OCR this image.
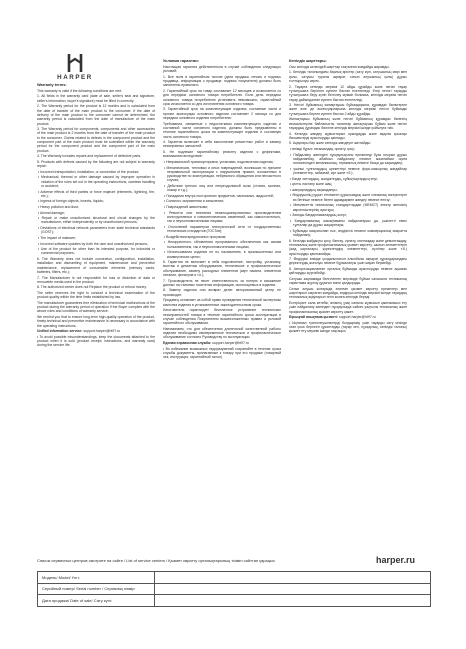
HARPER
Warranty terms:

This warranty is valid if the following conditions are met:

1. All fields in the warranty card (date of sale, seller's seal and signature, seller's information, buyer's signature) must be filled in correctly.

2. The Warranty period for the product is 12 months and is calculated from the date of transfer of the main product to the consumer. If the date of delivery of the main product to the consumer cannot be determined, the warranty period is calculated from the date of manufacture of the main product.

3. The Warranty period for components, components and other accessories of the main product is 2 months from the date of transfer of the main product to the consumer. Claims related to defects in the component product and the component part of the main product must be submitted within the warranty period for the component product and the component part of the main product.

4. The Warranty includes repairs and replacement of defective parts.

5. Products with defects caused by the following are not subject to warranty repair:

• Incorrect transportation, installation, or connection of the product;

• Mechanical, thermal or other damage caused by improper operation in violation of the rules set out in the operating instructions, careless handling or accident;

• Adverse effects of third parties or force majeure (elements, lightning, fire, etc.);

• Ingress of foreign objects, insects, liquids;

• Heavy pollution and dust;

• Animal damage;

• Repair or make unauthorized structural and circuit changes by the manufacturer, either independently or by unauthorized persons;

• Deviations of electrical network parameters from state technical standards (GOST);

• The impact of malware;

• Incorrect software updates by both the user and unauthorized persons;

• Use of the product for other than its intended purpose, for industrial or commercial purposes;

6. The Warranty does not include connection, configuration, installation, installation and dismantling of equipment, maintenance and preventive maintenance, replacement of consumable elements (memory cards, batteries, filters, etc.);

7. The Manufacturer is not responsible for loss or distortion of data or removable media used in the product.

8. The authorized center does not Replace the product or refund money.

The seller reserves the right to conduct a technical examination of the product quality within the time limits established by law.

The manufacturer guarantees free elimination of technical malfunctions of the product during the warranty period of operation if the Buyer complies with the above rules and conditions of warranty service.

We remind you that to ensure long-term high-quality operation of the product, timely technical and preventive maintenance is necessary in accordance with the operating instructions.

Unified information service: support-harper@ht97.ru

• To avoid possible misunderstandings, keep the documents attached to the product when it is sold (product receipt, instructions, and warranty card) during the service life.

Условия гарантии:

Настоящая гарантия действительна в случае соблюдения следующих условий:

1. Все поля в гарантийном талоне (дата продажи, печать и подпись продавца, информация о продавце, подпись покупателя) должны быть заполнены правильно.

2. Гарантийный срок на товар составляет 12 месяцев и исчисляется со дня передачи основного товара потребителю. Если день передачи основного товара потребителю установить невозможно, гарантийный срок исчисляется со дня изготовления основного товара.

3. Гарантийный срок на комплектующие изделия, составные части и прочие аксессуары основного изделия составляет 2 месяца со дня передачи основного изделия потребителю.

Требования, связанные с недостатками комплектующего изделия и составной части основного изделия, должны быть предъявлены в течение гарантийного срока на комплектующее изделие и составную часть основного товара.

4. Гарантия включает в себя выполнение ремонтных работ и замену неисправных запчастей.

5. Не подлежат гарантийному ремонту изделия с дефектами, возникшими вследствие:

• Неправильной транспортировки, установки, подключения изделия;

• Механических, тепловых и иных повреждений, возникших по причине неправильной эксплуатации с нарушением правил, изложенных в руководстве по эксплуатации, небрежного обращения или несчастного случая;

• Действия третьих лиц или непреодолимой силы (стихия, молния, пожар и т.д.);

• Попадания внутрь посторонних предметов, насекомых, жидкостей;

• Сильного загрязнения и запыления;

• Повреждений животными;

• Ремонта или внесения несанкционированных производителем конструктивных и схемотехнических изменений, как самостоятельно, так и неуполномоченными лицами;

• Отклонений параметров электрической сети от государственных технических стандартов (ГОСТов);

• Воздействия вредоносных программ;

• Некорректного обновления программного обеспечения как самим пользователем, так и неуполномоченными лицами;

• Использования изделия не по назначению, в промышленных или коммерческих целях;

6. Гарантия не включает в себя подключение, настройку, установку, монтаж и демонтаж оборудования, техническое и профилактическое обслуживание, замену расходных элементов (карт памяти, элементов питания, фильтров и т.п.);

7. Производитель не несет ответственность за потерю и искажение данных на съемных носителях информации, используемых в изделии.

8. Замену изделия или возврат денег авторизованный центр не производит.

Продавец оставляет за собой право проведения технической экспертизы качества изделия в установленные законодательством сроки.

Изготовитель гарантирует бесплатное устранение технических неисправностей товара в течение гарантийного срока эксплуатации в случае соблюдения Покупателем вышеизложенных правил и условий гарантийного обслуживания.

Напоминаем, что для обеспечения длительной качественной работы изделия необходимо своевременное техническое и профилактическое обслуживание согласно Руководству по эксплуатации.

Единая справочная служба: support-harper@ht97.ru

• Во избежание возможных недоразумений сохраняйте в течение срока службы документы, прилагаемые к товару при его продаже (товарный чек, инструкция, гарантийный талон).

Кепілдік шарттары:

Осы кепілдік келесідей шарттар сақталған жағдайда жарамды.

1. Кепілдік талонындағы барлық өрістер (сату күні, сатушының мөрі мен қолы, сатушы туралы ақпарат, сатып алушының қолы) дұрыс толтырылуы керек.

2. Тауарға кепілдік мерзімі 12 айды құрайды және негізгі тауар тұтынушыға берілген күннен бастап есептеледі. Егер негізгі тауарды тұтынушыға беру күнін белгілеу мүмкін болмаса, кепілдік мерзімі негізгі тауар дайындалған күннен бастап есептеледі.

3. Негізгі бұйымның жинақтаушы бұйымдарына, құрамдас бөліктеріне және өзге де аксессуарларына кепілдік мерзімі негізгі бұйымды тұтынушыға берген күннен бастап 2 айды құрайды.

Жинақтаушы бұйымның және негізгі бұйымның құрамдас бөлігінің кемшіліктеріне байланысты талаптар жинақтаушы бұйым және негізгі тауардың құрамдас бөлігіне кепілдік мерзімі ішінде қойылуға тиіс.

4. Кепілдік жөндеу жұмыстарын орындауды және ақаулы қосалқы бөлшектерді ауыстыруды қамтиды.

5. Ақаулары бар және кепілдік жөндеуге жатпайды:

• өнімді бұрыс тасымалдау, орнату, қосу;

• Пайдалану жөніндегі нұсқаулықтағы ережеледі бұза отырып дұрыс пайдаланбау, абайсыз пайдалану немесе жазатайым оқиға нәтижесіндегі механикалық, термиялық немесе басқа да зақымдану;

• үшінші тұлғалардың әрекеттері немесе форс-мажорлық жағдайлар (элементтер, найзағай, өрт және т.б.);

• Бөгде заттардың, жәндіктердің, сұйықтықтардың енуі;

• қатты ластану және шаң;

• жануарлардың зақымдануы;

• Өндірушінің рұқсат етілмеген құрылымдық және схемалық өзгерістерін өз бетінше немесе бөтен адамдармен жөндеу немесе енгізу;

• Мемлекеттік техникалық стандарттардан (МЕМСТ) электр желісінің көрсеткіштерінің ауытқуы;

• Зиянды бағдарламалардың әсері;

• Бағдарламалық жасақтаманы пайдаланушы да, уәкілетті емес тұлғалар да дұрыс жаңартпауы;

• Бұйымды мақсатынан тыс, өндірістік немесе коммерциялық мақсатта пайдалану;

6. Кепілдік жабдықты қосу, баптау, орнату, монтаждау және демонтаждау, техникалық және профилактикалық қызмет көрсету, шығын элементтерін (жад карталары, қоректендіру элементтері, сүзгілер және т.б.) ауыстыруды қамтымайды;

7. Өндіруші өнімде қолданылатын алынбалы ақпарат құралдарындағы деректердің жоғалуы немесе бұрмалануы үшін жауап бермейді.

8. Авторизацияланған орталық бұйымды ауыстыруды немесе ақшаны қайтаруды жүргізбейді.

Сатушы заңнамада белгіленген мерзімде бұйым сапасына техникалық сараптама жүргізу құқығын өзіне қалдырады.

Сатып алушы жоғарыда аталған қызмет көрсету ережелері мен шарттарын сақтаған жағдайда, өндіруші кепілдік мерзімі ішінде тауардың техникалық ақауларын тегін жоюға кепілдік береді.

Естеріңізге сала кетейік, өнімнің ұзақ сапалы жұмысын қамтамасыз ету үшін пайдалану жөніндегі нұсқаулыққа сәйкес уақтылы техникалық және профилактикалық қызмет көрсету қажет.

Бірыңғай анықтама қызметі: support-harper@ht97.ru

• Ықтимал түсініспеушіліктерді болдырмау үшін тауарды сату кезінде оған қоса берілген құжаттарды (тауар чегі, нұсқаулық, кепілдік талоны) қызмет ету мерзімі ішінде сақтаңыз.

Список сервисных центров смотрите на сайте / List of service centers / Қызмет көрсету орталықтарының тізімін сайттан қараңыз	harper.ru
Модель/ Model/ Үлгі:	
Серийный номер/ Serial number / Сериялық нөмір:	
Дата продажи/ Date of sale/ Сату күні:	
